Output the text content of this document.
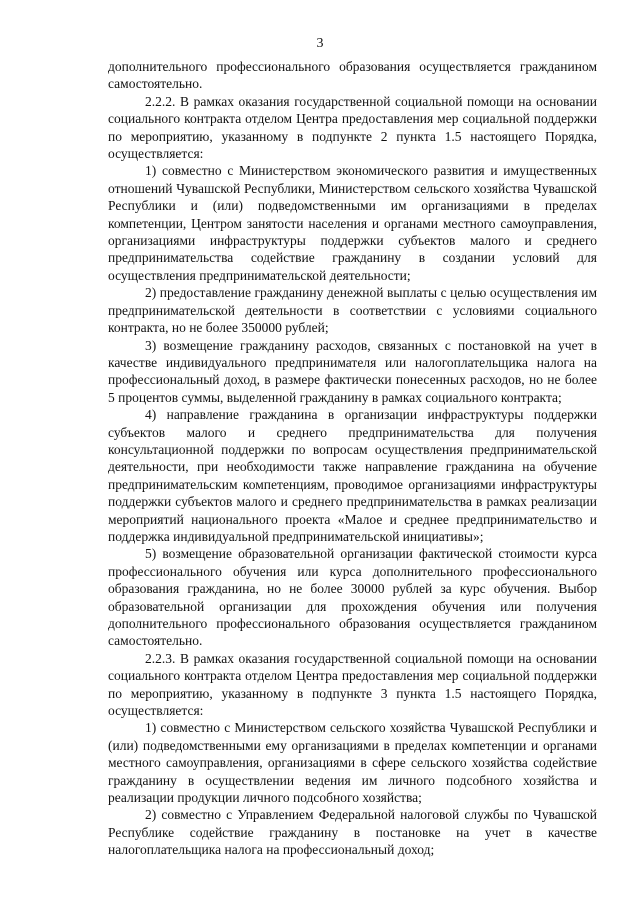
3

дополнительного профессионального образования осуществляется гражданином самостоятельно.

2.2.2. В рамках оказания государственной социальной помощи на основании социального контракта отделом Центра предоставления мер социальной поддержки по мероприятию, указанному в подпункте 2 пункта 1.5 настоящего Порядка, осуществляется:

1) совместно с Министерством экономического развития и имущественных отношений Чувашской Республики, Министерством сельского хозяйства Чувашской Республики и (или) подведомственными им организациями в пределах компетенции, Центром занятости населения и органами местного самоуправления, организациями инфраструктуры поддержки субъектов малого и среднего предпринимательства содействие гражданину в создании условий для осуществления предпринимательской деятельности;

2) предоставление гражданину денежной выплаты с целью осуществления им предпринимательской деятельности в соответствии с условиями социального контракта, но не более 350000 рублей;

3) возмещение гражданину расходов, связанных с постановкой на учет в качестве индивидуального предпринимателя или налогоплательщика налога на профессиональный доход, в размере фактически понесенных расходов, но не более 5 процентов суммы, выделенной гражданину в рамках социального контракта;

4) направление гражданина в организации инфраструктуры поддержки субъектов малого и среднего предпринимательства для получения консультационной поддержки по вопросам осуществления предпринимательской деятельности, при необходимости также направление гражданина на обучение предпринимательским компетенциям, проводимое организациями инфраструктуры поддержки субъектов малого и среднего предпринимательства в рамках реализации мероприятий национального проекта «Малое и среднее предпринимательство и поддержка индивидуальной предпринимательской инициативы»;

5) возмещение образовательной организации фактической стоимости курса профессионального обучения или курса дополнительного профессионального образования гражданина, но не более 30000 рублей за курс обучения. Выбор образовательной организации для прохождения обучения или получения дополнительного профессионального образования осуществляется гражданином самостоятельно.

2.2.3. В рамках оказания государственной социальной помощи на основании социального контракта отделом Центра предоставления мер социальной поддержки по мероприятию, указанному в подпункте 3 пункта 1.5 настоящего Порядка, осуществляется:

1) совместно с Министерством сельского хозяйства Чувашской Республики и (или) подведомственными ему организациями в пределах компетенции и органами местного самоуправления, организациями в сфере сельского хозяйства содействие гражданину в осуществлении ведения им личного подсобного хозяйства и реализации продукции личного подсобного хозяйства;

2) совместно с Управлением Федеральной налоговой службы по Чувашской Республике содействие гражданину в постановке на учет в качестве налогоплательщика налога на профессиональный доход;
